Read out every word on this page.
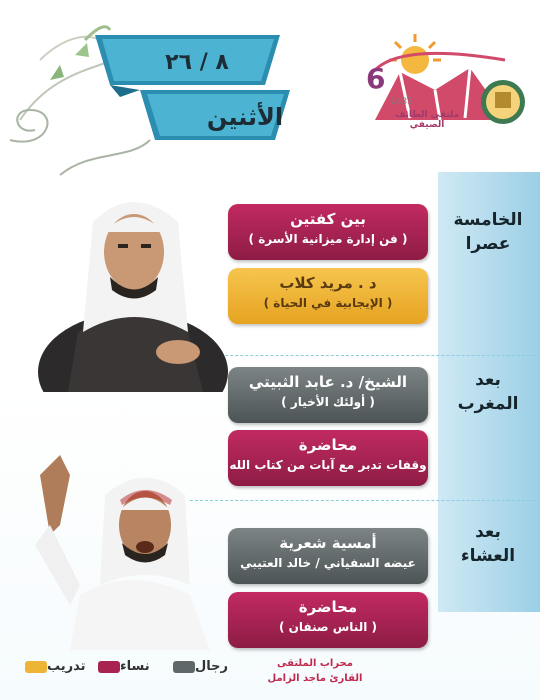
٨ / ٢٦
الأثنين
6
1433
ملتقى الطائف الصيفي
الخامسة
عصرا
بعد
المغرب
بعد
العشاء
بين كفتين
( فن إدارة ميزانية الأسرة )
د . مريد كلاب
( الإيجابية في الحياة )
الشيخ/ د. عابد الثبيتي
( أولئك الأخيار )
محاضرة
وقفات تدبر مع آيات من كتاب الله
أمسية شعرية
عيضه السفياني / خالد العتيبي
محاضرة
( الناس صنفان )
محراب الملتقى
القارئ ماجد الزامل
رجال
نساء
تدريب
